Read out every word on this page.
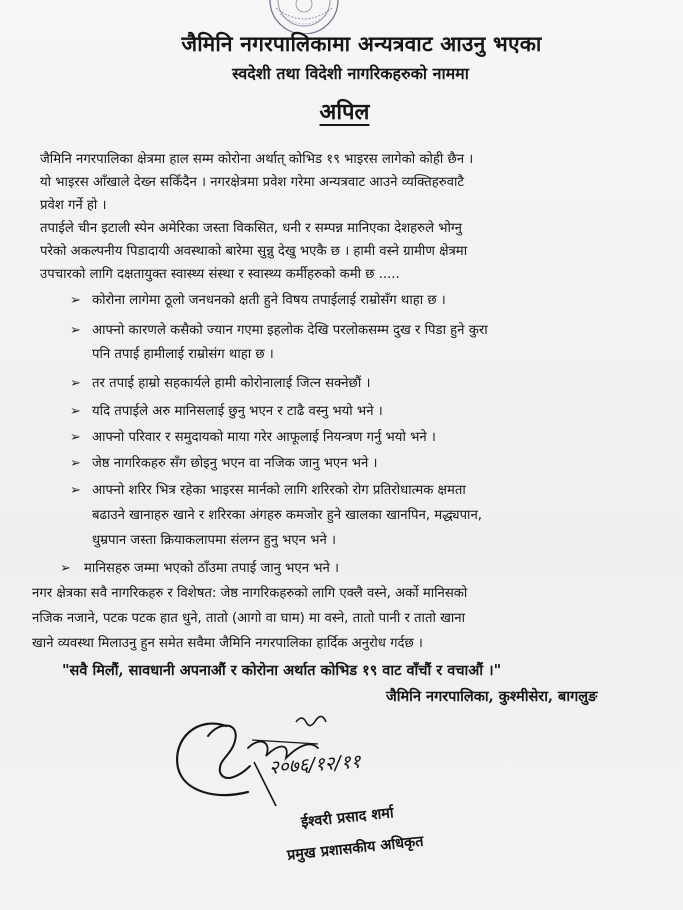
जैमिनि नगरपालिकामा अन्यत्रवाट आउनु भएका
स्वदेशी तथा विदेशी नागरिकहरुको नाममा
अपिल
जैमिनि नगरपालिका क्षेत्रमा हाल सम्म कोरोना अर्थात् कोभिड १९ भाइरस लागेको कोही छैन ।
यो भाइरस आँखाले देख्न सकिँदैन । नगरक्षेत्रमा प्रवेश गरेमा अन्यत्रवाट आउने व्यक्तिहरुवाटै
प्रवेश गर्ने हो ।
तपाईले चीन इटाली स्पेन अमेरिका जस्ता विकसित, धनी र सम्पन्न मानिएका देशहरुले भोग्नु
परेको अकल्पनीय पिडादायी अवस्थाको बारेमा सुन्नु देखु भएकै छ । हामी वस्ने ग्रामीण क्षेत्रमा
उपचारको लागि दक्षतायुक्त स्वास्थ्य संस्था र स्वास्थ्य कर्मीहरुको कमी छ .....
➢ कोरोना लागेमा ठूलो जनधनको क्षती हुने विषय तपाईलाई राम्रोसँग थाहा छ ।
➢ आफ्नो कारणले कसैको ज्यान गएमा इहलोक देखि परलोकसम्म दुख र पिडा हुने कुरा
पनि तपाई हामीलाई राम्रोसंग थाहा छ ।
➢ तर तपाई हाम्रो सहकार्यले हामी कोरोनालाई जित्न सक्नेछौं ।
➢ यदि तपाईले अरु मानिसलाई छुनु भएन र टाढै वस्नु भयो भने ।
➢ आफ्नो परिवार र समुदायको माया गरेर आफूलाई नियन्त्रण गर्नु भयो भने ।
➢ जेष्ठ नागरिकहरु सँग छोइनु भएन वा नजिक जानु भएन भने ।
➢ आफ्नो शरिर भित्र रहेका भाइरस मार्नको लागि शरिरको रोग प्रतिरोधात्मक क्षमता
बढाउने खानाहरु खाने र शरिरका अंगहरु कमजोर हुने खालका खानपिन, मद्ध्यपान,
धुम्रपान जस्ता क्रियाकलापमा संलग्न हुनु भएन भने ।
➢ मानिसहरु जम्मा भएको ठाँउमा तपाई जानु भएन भने ।
नगर क्षेत्रका सवै नागरिकहरु र विशेषत: जेष्ठ नागरिकहरुको लागि एक्लै वस्ने, अर्को मानिसको
नजिक नजाने, पटक पटक हात धुने, तातो (आगो वा घाम) मा वस्ने, तातो पानी र तातो खाना
खाने व्यवस्था मिलाउनु हुन समेत सवैमा जैमिनि नगरपालिका हार्दिक अनुरोध गर्दछ ।
"सवै मिलौं, सावधानी अपनाऔं र कोरोना अर्थात कोभिड १९ वाट वाँचौं र वचाऔं ।"
जैमिनि नगरपालिका, कुश्मीसेरा, बागलुङ
२०७६/१२/११
ईश्वरी प्रसाद शर्मा
प्रमुख प्रशासकीय अधिकृत
